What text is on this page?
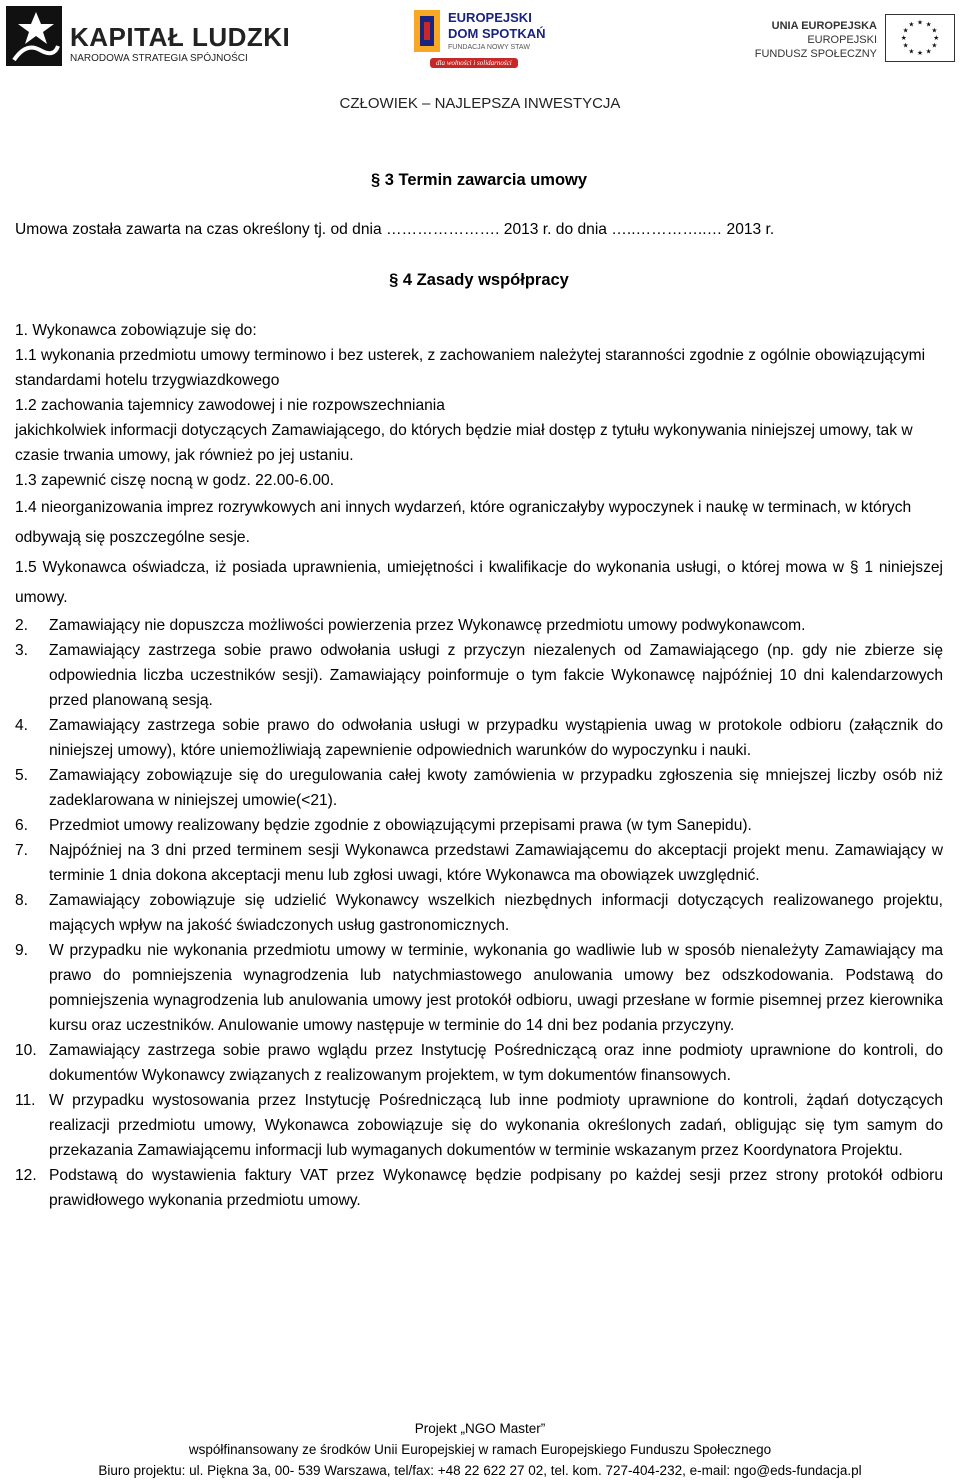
KAPITAŁ LUDZKI
NARODOWA STRATEGIA SPÓJNOŚCI
EUROPEJSKI
DOM SPOTKAŃ
FUNDACJA NOWY STAW
dla wolności i solidarności
UNIA EUROPEJSKA
EUROPEJSKI
FUNDUSZ SPOŁECZNY
★ ★
★
★
★
★
★
★
★
★
★
★
CZŁOWIEK – NAJLEPSZA INWESTYCJA
§ 3 Termin zawarcia umowy
Umowa została zawarta na czas określony tj. od dnia …………………. 2013 r. do dnia …..…………..… 2013 r.
§ 4 Zasady współpracy
1. Wykonawca zobowiązuje się do:
1.1 wykonania przedmiotu umowy terminowo i bez usterek, z zachowaniem należytej staranności zgodnie z ogólnie obowiązującymi standardami hotelu trzygwiazdkowego
1.2 zachowania tajemnicy zawodowej i nie rozpowszechniania
jakichkolwiek informacji dotyczących Zamawiającego, do których będzie miał dostęp z tytułu wykonywania niniejszej umowy, tak w czasie trwania umowy, jak również po jej ustaniu.
1.3 zapewnić ciszę nocną w godz. 22.00-6.00.
1.4 nieorganizowania imprez rozrywkowych ani innych wydarzeń, które ograniczałyby wypoczynek i naukę w terminach, w których odbywają się poszczególne sesje.
1.5 Wykonawca oświadcza, iż posiada uprawnienia, umiejętności i kwalifikacje do wykonania usługi, o której mowa w § 1 niniejszej umowy.
2.	Zamawiający nie dopuszcza możliwości powierzenia przez Wykonawcę przedmiotu umowy podwykonawcom.
3.	Zamawiający zastrzega sobie prawo odwołania usługi z przyczyn niezalenych od Zamawiającego (np. gdy nie zbierze się odpowiednia liczba uczestników sesji). Zamawiający poinformuje o tym fakcie Wykonawcę najpóźniej 10 dni kalendarzowych przed planowaną sesją.
4.	Zamawiający zastrzega sobie prawo do odwołania usługi w przypadku wystąpienia uwag w protokole odbioru (załącznik do niniejszej umowy), które uniemożliwiają zapewnienie odpowiednich warunków do wypoczynku i nauki.
5.	Zamawiający zobowiązuje się do uregulowania całej kwoty zamówienia w przypadku zgłoszenia się mniejszej liczby osób niż zadeklarowana w niniejszej umowie(<21).
6.	Przedmiot umowy realizowany będzie zgodnie z obowiązującymi przepisami prawa (w tym Sanepidu).
7.	Najpóźniej na 3 dni przed terminem sesji Wykonawca przedstawi Zamawiającemu do akceptacji projekt menu. Zamawiający w terminie 1 dnia dokona akceptacji menu lub zgłosi uwagi, które Wykonawca ma obowiązek uwzględnić.
8.	Zamawiający zobowiązuje się udzielić Wykonawcy wszelkich niezbędnych informacji dotyczących realizowanego projektu, mających wpływ na jakość świadczonych usług gastronomicznych.
9.	W przypadku nie wykonania przedmiotu umowy w terminie, wykonania go wadliwie lub w sposób nienależyty Zamawiający ma prawo do pomniejszenia wynagrodzenia lub natychmiastowego anulowania umowy bez odszkodowania. Podstawą do pomniejszenia wynagrodzenia lub anulowania umowy jest protokół odbioru, uwagi przesłane w formie pisemnej przez kierownika kursu oraz uczestników. Anulowanie umowy następuje w terminie do 14 dni bez podania przyczyny.
10. Zamawiający zastrzega sobie prawo wglądu przez Instytucję Pośredniczącą oraz inne podmioty uprawnione do kontroli, do dokumentów Wykonawcy związanych z realizowanym projektem, w tym dokumentów finansowych.
11. W przypadku wystosowania przez Instytucję Pośredniczącą lub inne podmioty uprawnione do kontroli, żądań dotyczących realizacji przedmiotu umowy, Wykonawca zobowiązuje się do wykonania określonych zadań, obligując się tym samym do przekazania Zamawiającemu informacji lub wymaganych dokumentów w terminie wskazanym przez Koordynatora Projektu.
12. Podstawą do wystawienia faktury VAT przez Wykonawcę będzie podpisany po każdej sesji przez strony protokół odbioru prawidłowego wykonania przedmiotu umowy.
Projekt „NGO Master”
współfinansowany ze środków Unii Europejskiej w ramach Europejskiego Funduszu Społecznego
Biuro projektu: ul. Piękna 3a, 00- 539 Warszawa, tel/fax: +48 22 622 27 02, tel. kom. 727-404-232, e-mail: ngo@eds-fundacja.pl
